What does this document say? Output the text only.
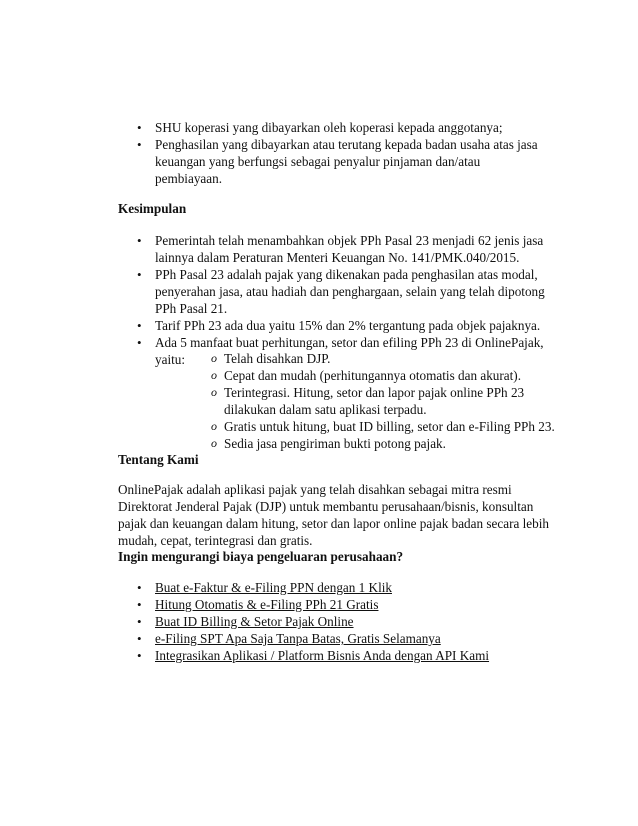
• SHU koperasi yang dibayarkan oleh koperasi kepada anggotanya;
• Penghasilan yang dibayarkan atau terutang kepada badan usaha atas jasa keuangan yang berfungsi sebagai penyalur pinjaman dan/atau pembiayaan.
Kesimpulan
• Pemerintah telah menambahkan objek PPh Pasal 23 menjadi 62 jenis jasa lainnya dalam Peraturan Menteri Keuangan No. 141/PMK.040/2015.
• PPh Pasal 23 adalah pajak yang dikenakan pada penghasilan atas modal, penyerahan jasa, atau hadiah dan penghargaan, selain yang telah dipotong PPh Pasal 21.
• Tarif PPh 23 ada dua yaitu 15% dan 2% tergantung pada objek pajaknya.
• Ada 5 manfaat buat perhitungan, setor dan efiling PPh 23 di OnlinePajak, yaitu:
o	Telah disahkan DJP.
o Cepat dan mudah (perhitungannya otomatis dan akurat).
o Terintegrasi. Hitung, setor dan lapor pajak online PPh 23 dilakukan dalam satu aplikasi terpadu.
o Gratis untuk hitung, buat ID billing, setor dan e-Filing PPh 23.
o Sedia jasa pengiriman bukti potong pajak.
Tentang Kami

OnlinePajak adalah aplikasi pajak yang telah disahkan sebagai mitra resmi Direktorat Jenderal Pajak (DJP) untuk membantu perusahaan/bisnis, konsultan pajak dan keuangan dalam hitung, setor dan lapor online pajak badan secara lebih mudah, cepat, terintegrasi dan gratis.

Ingin mengurangi biaya pengeluaran perusahaan?
• Buat e-Faktur & e-Filing PPN dengan 1 Klik
• Hitung Otomatis & e-Filing PPh 21 Gratis
• Buat ID Billing & Setor Pajak Online
• e-Filing SPT Apa Saja Tanpa Batas, Gratis Selamanya
• Integrasikan Aplikasi / Platform Bisnis Anda dengan API Kami
